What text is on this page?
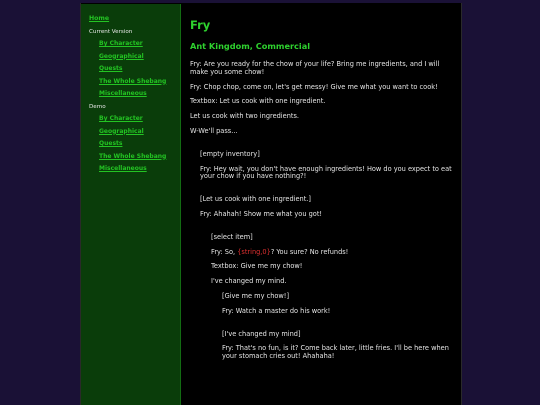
Home
Current Version
By Character
Geographical
Quests
The Whole Shebang
Miscellaneous
Demo
By Character
Geographical
Quests
The Whole Shebang
Miscellaneous
Fry
Ant Kingdom, Commercial
Fry: Are you ready for the chow of your life? Bring me ingredients, and I will make you some chow!
Fry: Chop chop, come on, let's get messy! Give me what you want to cook!
Textbox: Let us cook with one ingredient.
Let us cook with two ingredients.
W-We'll pass...
[empty inventory]
Fry: Hey wait, you don't have enough ingredients! How do you expect to eat your chow if you have nothing?!
[Let us cook with one ingredient.]
Fry: Ahahah! Show me what you got!
[select item]
Fry: So, {string,0}? You sure? No refunds!
Textbox: Give me my chow!
I've changed my mind.
[Give me my chow!]
Fry: Watch a master do his work!
[I've changed my mind]
Fry: That's no fun, is it? Come back later, little fries. I'll be here when your stomach cries out! Ahahaha!
